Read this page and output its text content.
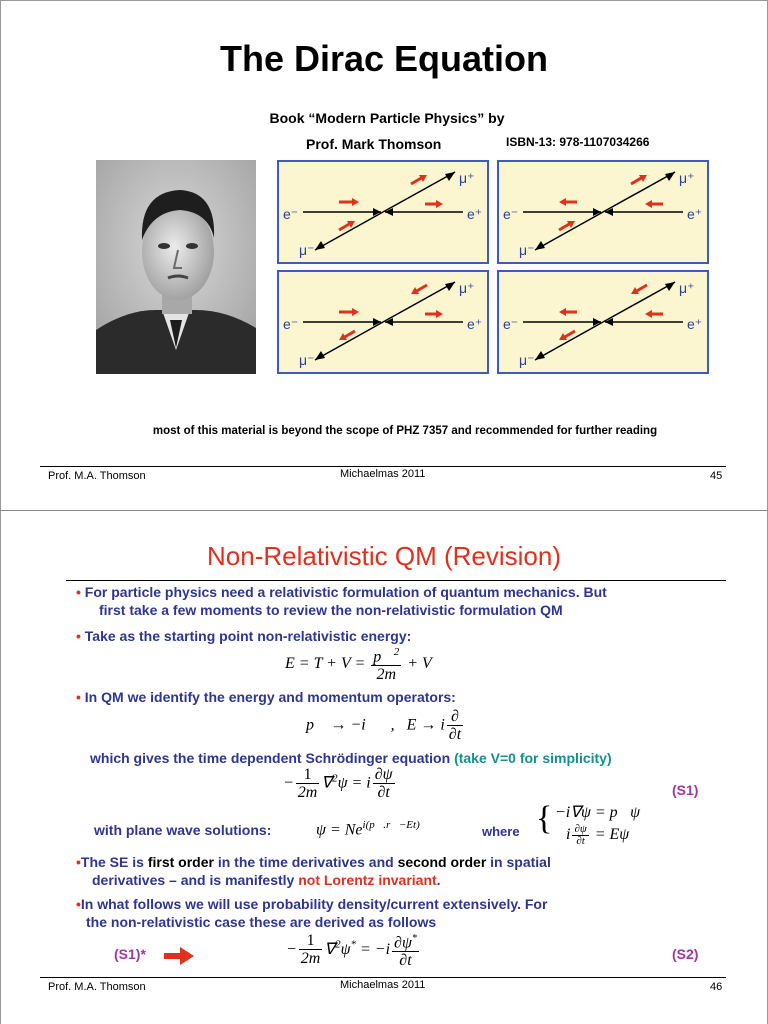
The Dirac Equation
Book “Modern Particle Physics” by
Prof. Mark Thomson	ISBN-13: 978-1107034266
e⁻	e⁺
μ⁺
μ⁻
e⁻	e⁺
μ⁺
μ⁻
e⁻	e⁺
μ⁺
μ⁻
e⁻	e⁺
μ⁺
μ⁻
most of this material is beyond the scope of PHZ 7357 and recommended for further reading
Prof. M.A. Thomson	Michaelmas 2011	45
Non-Relativistic QM (Revision)
• For particle physics need a relativistic formulation of quantum mechanics. But
first take a few moments to review the non-relativistic formulation QM
• Take as the starting point non-relativistic energy:
$E = T + V = \frac{p⃗^2}{2m} + V$
• In QM we identify the energy and momentum operators:
p⃗ → −i∇⃗,   E → i $\frac{\partial}{\partial t}$
which gives the time dependent Schrödinger equation (take V=0 for simplicity)
− $\frac{1}{2m}$ ∇⃗$^2$ψ = i $\frac{\partial\psi}{\partial t}$	(S1)
with plane wave solutions:	$\psi = Ne^{i(p⃗.r⃗-Et)}$	where { −i∇ψ = p⃗ψ
i $\frac{\partial\psi}{\partial t} = E\psi$
•The SE is first order in the time derivatives and second order in spatial
derivatives – and is manifestly not Lorentz invariant.
•In what follows we will use probability density/current extensively. For
the non-relativistic case these are derived as follows
(S1)*	− $\frac{1}{2m}$ ∇⃗$^2$ψ* = $-i \frac{\partial\psi^*}{\partial t}$	(S2)
Prof. M.A. Thomson	Michaelmas 2011	46
